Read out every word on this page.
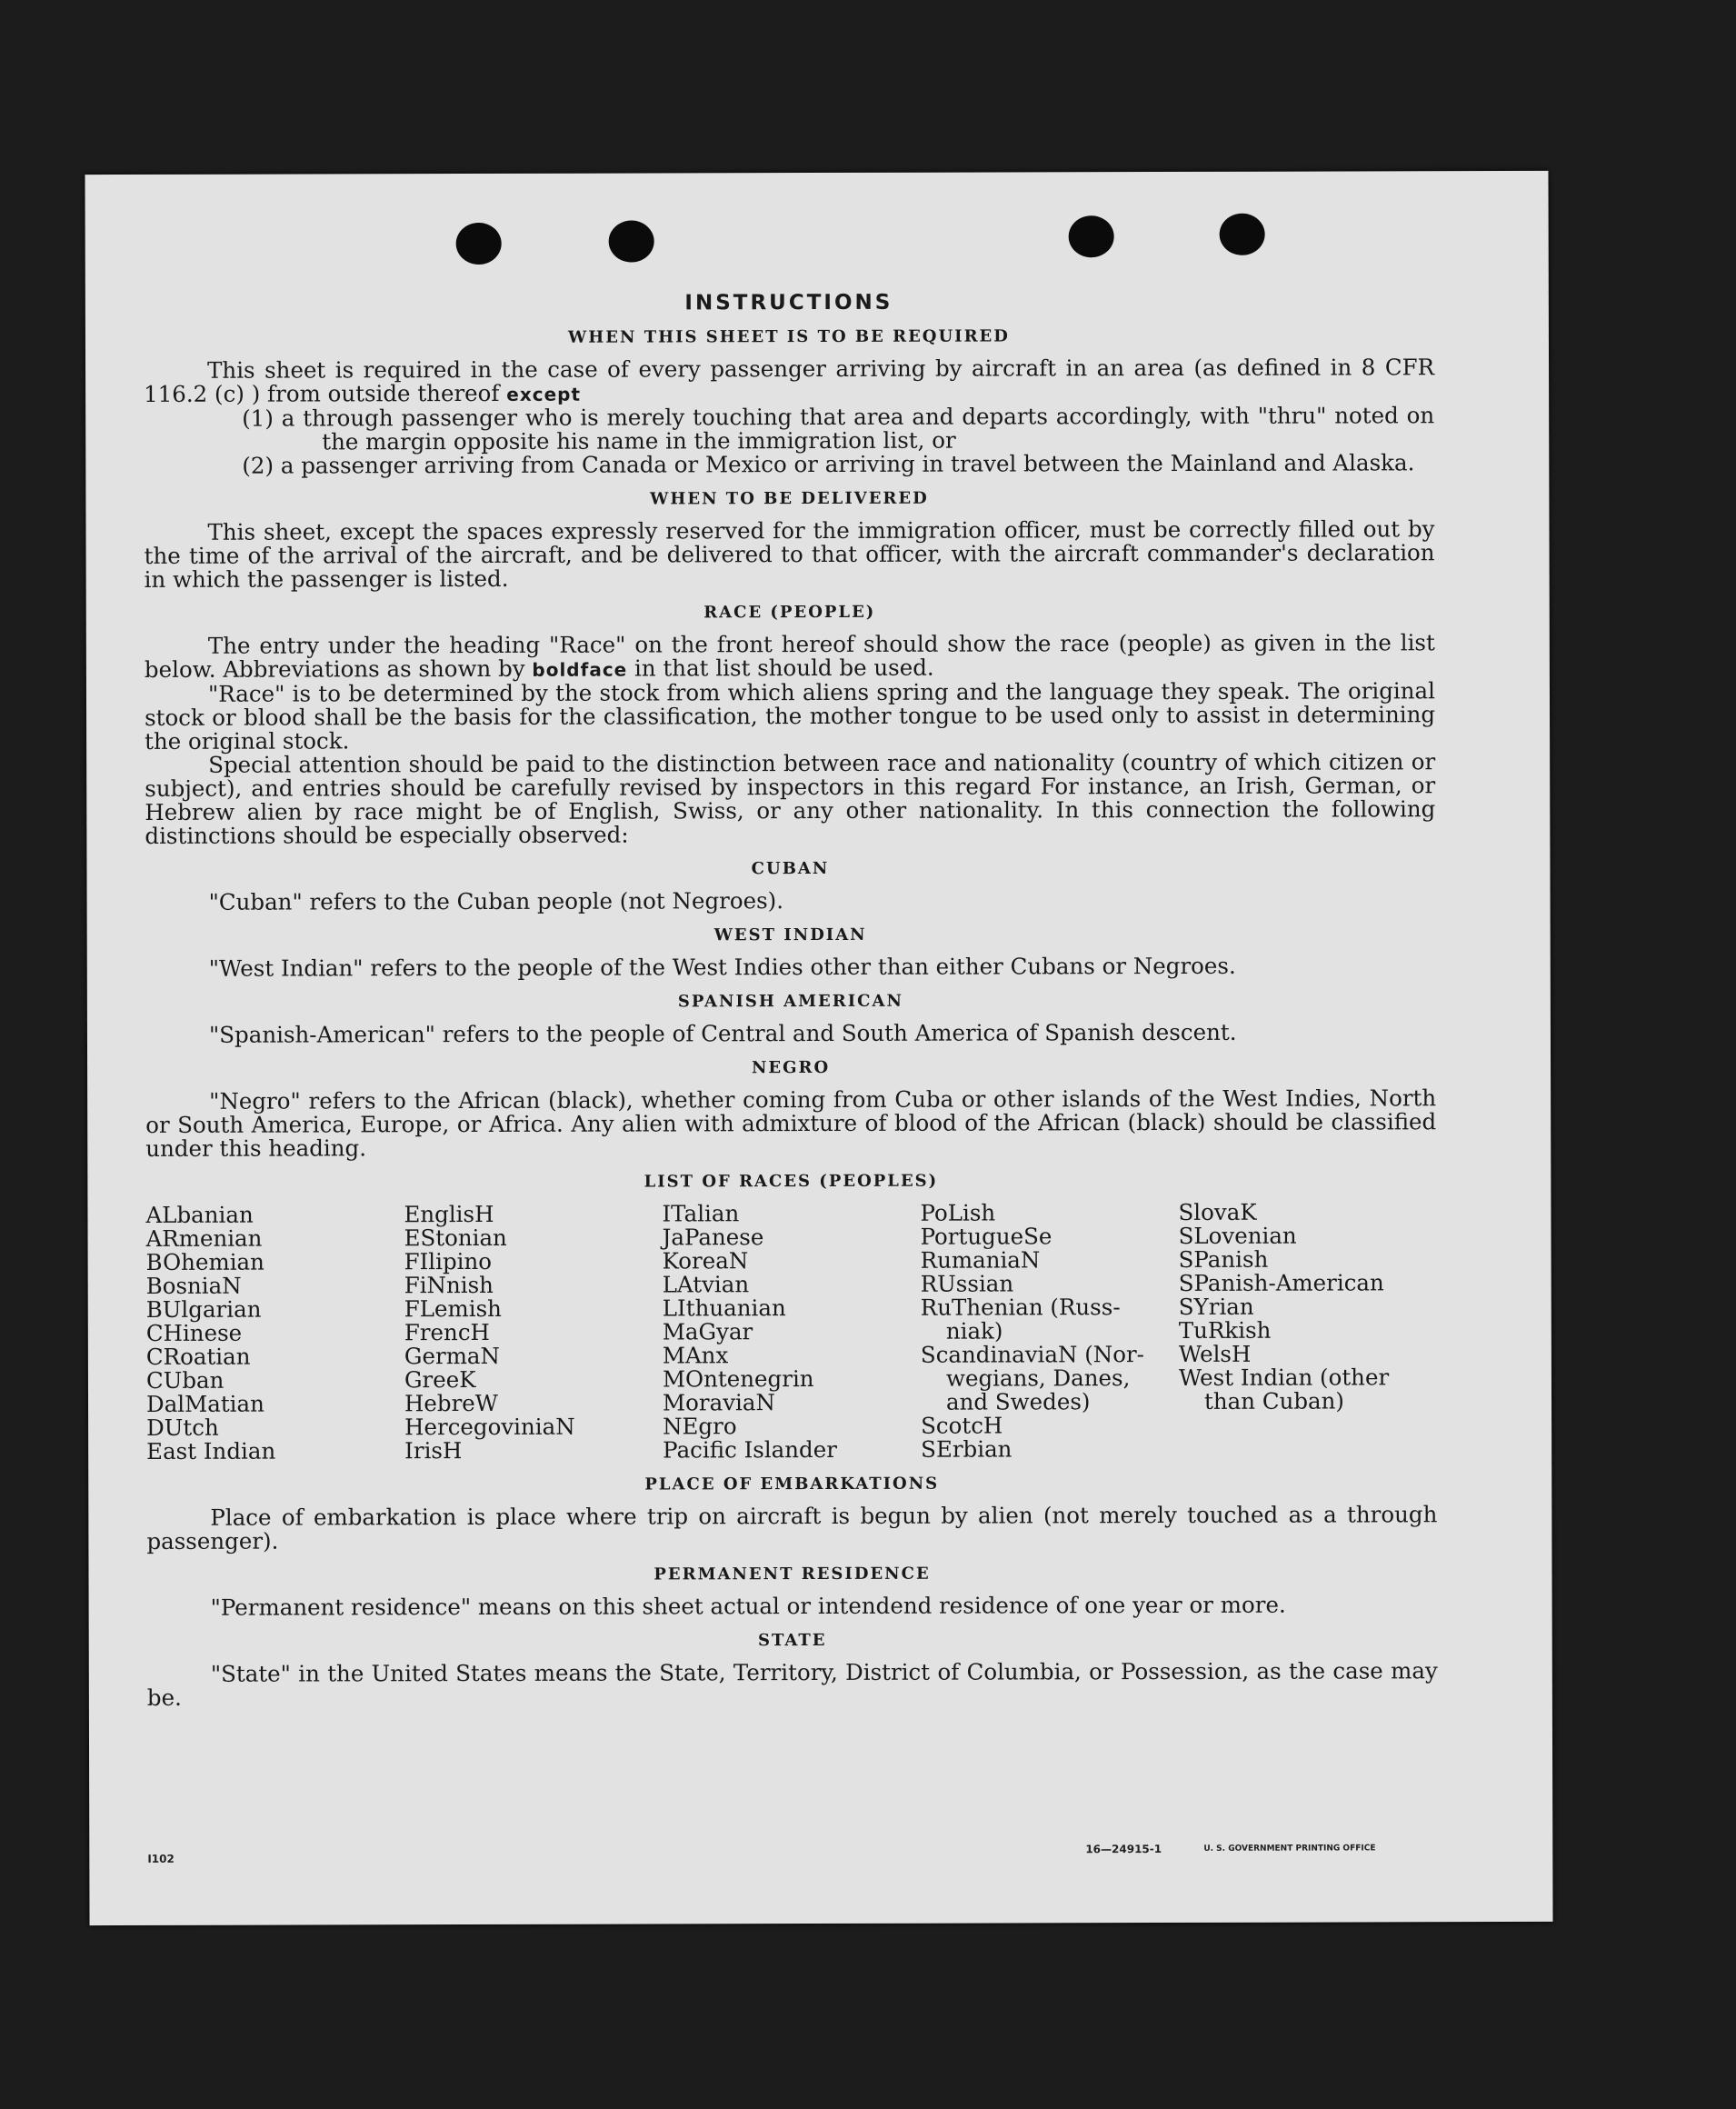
INSTRUCTIONS
WHEN THIS SHEET IS TO BE REQUIRED

This sheet is required in the case of every passenger arriving by aircraft in an area (as defined in 8 CFR 116.2 (c) ) from outside thereof except

(1) a through passenger who is merely touching that area and departs accordingly, with "thru" noted on the margin opposite his name in the immigration list, or
(2) a passenger arriving from Canada or Mexico or arriving in travel between the Mainland and Alaska.
WHEN TO BE DELIVERED

This sheet, except the spaces expressly reserved for the immigration officer, must be correctly filled out by the time of the arrival of the aircraft, and be delivered to that officer, with the aircraft commander's declaration in which the passenger is listed.

RACE (PEOPLE)

The entry under the heading "Race" on the front hereof should show the race (people) as given in the list below. Abbreviations as shown by boldface in that list should be used.

"Race" is to be determined by the stock from which aliens spring and the language they speak. The original stock or blood shall be the basis for the classification, the mother tongue to be used only to assist in determining the original stock.

Special attention should be paid to the distinction between race and nationality (country of which citizen or subject), and entries should be carefully revised by inspectors in this regard For instance, an Irish, German, or Hebrew alien by race might be of English, Swiss, or any other nationality. In this connection the following distinctions should be especially observed:

CUBAN

"Cuban" refers to the Cuban people (not Negroes).

WEST INDIAN

"West Indian" refers to the people of the West Indies other than either Cubans or Negroes.

SPANISH AMERICAN

"Spanish-American" refers to the people of Central and South America of Spanish descent.

NEGRO

"Negro" refers to the African (black), whether coming from Cuba or other islands of the West Indies, North or South America, Europe, or Africa. Any alien with admixture of blood of the African (black) should be classified under this heading.

LIST OF RACES (PEOPLES)
ALbanian
ARmenian
BOhemian
BosniaN
BUlgarian
CHinese
CRoatian
CUban
DalMatian
DUtch
East Indian
EnglisH
EStonian
FIlipino
FiNnish
FLemish
FrencH
GermaN
GreeK
HebreW
HercegoviniaN
IrisH
ITalian
JaPanese
KoreaN
LAtvian
LIthuanian
MaGyar
MAnx
MOntenegrin
MoraviaN
NEgro
Pacific Islander
PoLish
PortugueSe
RumaniaN
RUssian
RuThenian (Russ-
niak)
ScandinaviaN (Nor-
wegians, Danes,
and Swedes)
ScotcH
SErbian
SlovaK
SLovenian
SPanish
SPanish-American
SYrian
TuRkish
WelsH
West Indian (other
than Cuban)
PLACE OF EMBARKATIONS

Place of embarkation is place where trip on aircraft is begun by alien (not merely touched as a through passenger).

PERMANENT RESIDENCE

"Permanent residence" means on this sheet actual or intendend residence of one year or more.

STATE

"State" in the United States means the State, Territory, District of Columbia, or Possession, as the case may be.

I102
16—24915-1	U. S. GOVERNMENT PRINTING OFFICE
